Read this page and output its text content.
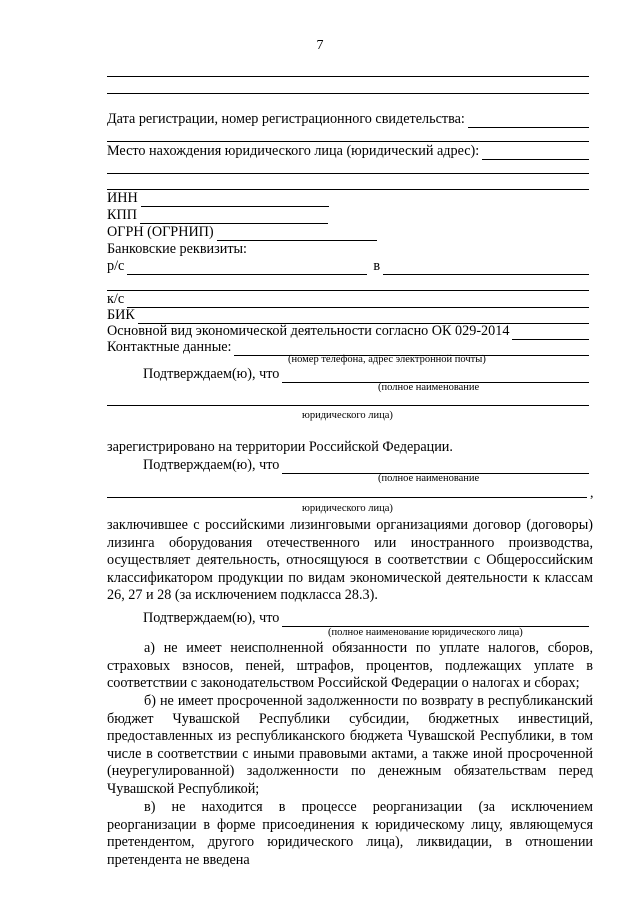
7
Дата регистрации, номер регистрационного свидетельства:
Место нахождения юридического лица (юридический адрес):
ИНН
КПП
ОГРН (ОГРНИП)
Банковские реквизиты:
р/с	в
к/с
БИК
Основной вид экономической деятельности согласно ОК 029-2014
Контактные данные:
(номер телефона, адрес электронной почты)
Подтверждаем(ю), что
(полное наименование
юридического лица)

зарегистрировано на территории Российской Федерации.

Подтверждаем(ю), что
(полное наименование
,
юридического лица)

заключившее с российскими лизинговыми организациями договор (договоры) лизинга оборудования отечественного или иностранного производства, осуществляет деятельность, относящуюся в соответствии с Общероссийским классификатором продукции по видам экономической деятельности к классам 26, 27 и 28 (за исключением подкласса 28.3).

Подтверждаем(ю), что
(полное наименование юридического лица)

а) не имеет неисполненной обязанности по уплате налогов, сборов, страховых взносов, пеней, штрафов, процентов, подлежащих уплате в соответствии с законодательством Российской Федерации о налогах и сборах;

б) не имеет просроченной задолженности по возврату в республиканский бюджет Чувашской Республики субсидии, бюджетных инвестиций, предоставленных из республиканского бюджета Чувашской Республики, в том числе в соответствии с иными правовыми актами, а также иной просроченной (неурегулированной) задолженности по денежным обязательствам перед Чувашской Республикой;

в) не находится в процессе реорганизации (за исключением реорганизации в форме присоединения к юридическому лицу, являющемуся претендентом, другого юридического лица), ликвидации, в отношении претендента не введена
